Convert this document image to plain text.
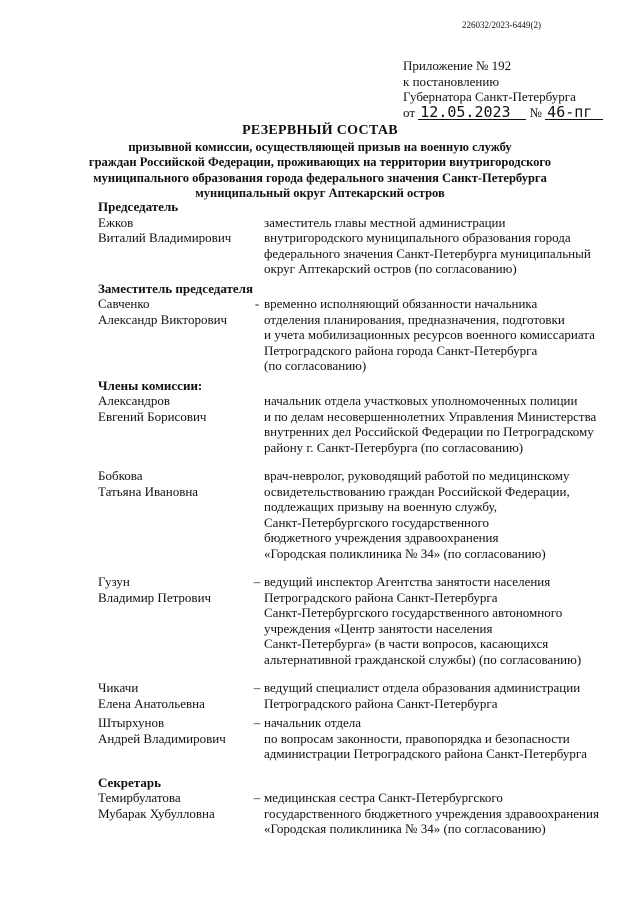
226032/2023-6449(2)
Приложение № 192
к постановлению
Губернатора Санкт-Петербурга
от 12.05.2023 № 46-пг
РЕЗЕРВНЫЙ СОСТАВ
призывной комиссии, осуществляющей призыв на военную службу
граждан Российской Федерации, проживающих на территории внутригородского
муниципального образования города федерального значения Санкт-Петербурга
муниципальный округ Аптекарский остров
Председатель
Ежков
Виталий Владимирович
заместитель главы местной администрации
внутригородского муниципального образования города
федерального значения Санкт-Петербурга муниципальный
округ Аптекарский остров (по согласованию)
Заместитель председателя
Савченко
Александр Викторович
- временно исполняющий обязанности начальника
отделения планирования, предназначения, подготовки
и учета мобилизационных ресурсов военного комиссариата
Петроградского района города Санкт-Петербурга
(по согласованию)
Члены комиссии:
Александров
Евгений Борисович
начальник отдела участковых уполномоченных полиции
и по делам несовершеннолетних Управления Министерства
внутренних дел Российской Федерации по Петроградскому
району г. Санкт-Петербурга (по согласованию)
Бобкова
Татьяна Ивановна
врач-невролог, руководящий работой по медицинскому
освидетельствованию граждан Российской Федерации,
подлежащих призыву на военную службу,
Санкт-Петербургского государственного
бюджетного учреждения здравоохранения
«Городская поликлиника № 34» (по согласованию)
Гузун
Владимир Петрович
– ведущий инспектор Агентства занятости населения
Петроградского района Санкт-Петербурга
Санкт-Петербургского государственного автономного
учреждения «Центр занятости населения
Санкт-Петербурга» (в части вопросов, касающихся
альтернативной гражданской службы) (по согласованию)
Чикачи
Елена Анатольевна
– ведущий специалист отдела образования администрации
Петроградского района Санкт-Петербурга
Штырхунов
Андрей Владимирович
– начальник отдела
по вопросам законности, правопорядка и безопасности
администрации Петроградского района Санкт-Петербурга
Секретарь
Темирбулатова
Мубарак Хубулловна
– медицинская сестра Санкт-Петербургского
государственного бюджетного учреждения здравоохранения
«Городская поликлиника № 34» (по согласованию)
